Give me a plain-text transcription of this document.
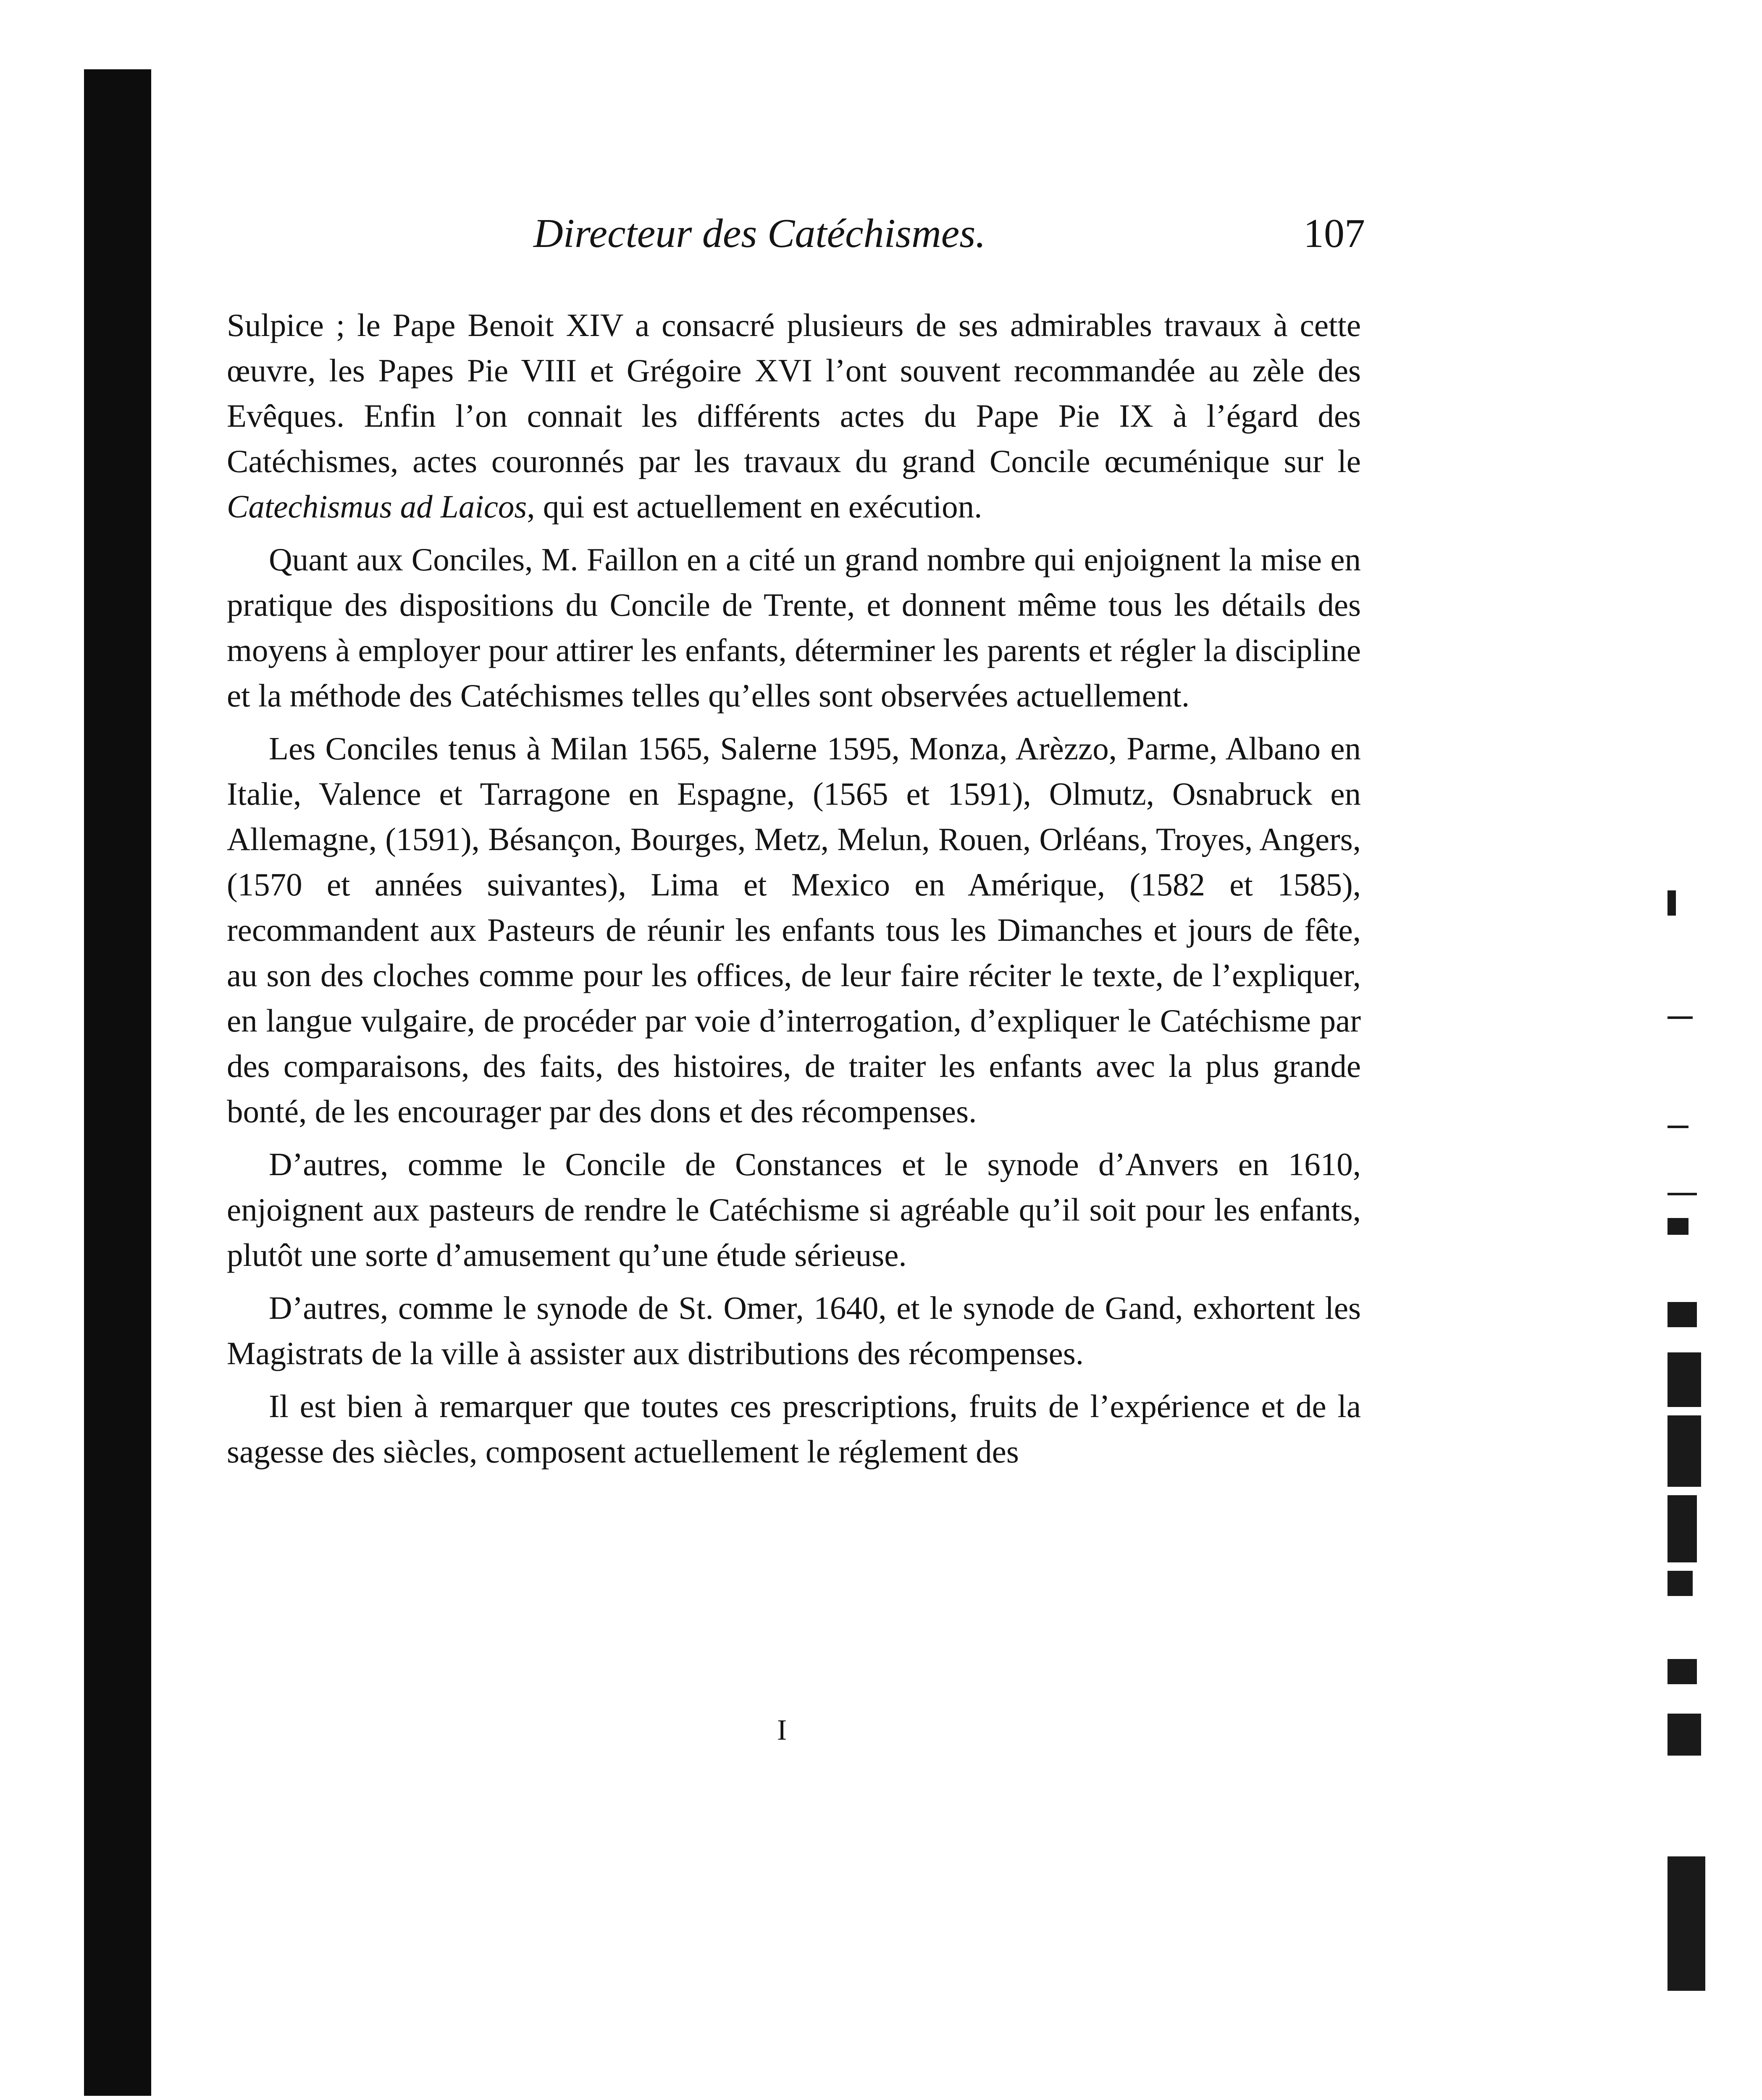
Directeur des Catéchismes.	107

Sulpice ; le Pape Benoit XIV a consacré plusieurs de ses admirables travaux à cette œuvre, les Papes Pie VIII et Grégoire XVI l’ont souvent recommandée au zèle des Evêques. Enfin l’on connait les différents actes du Pape Pie IX à l’égard des Catéchismes, actes couronnés par les travaux du grand Concile œcuménique sur le Catechismus ad Laicos, qui est actuellement en exécution.

Quant aux Conciles, M. Faillon en a cité un grand nombre qui enjoignent la mise en pratique des dispositions du Concile de Trente, et donnent même tous les détails des moyens à employer pour attirer les enfants, déterminer les parents et régler la discipline et la méthode des Catéchismes telles qu’elles sont observées actuellement.

Les Conciles tenus à Milan 1565, Salerne 1595, Monza, Arèzzo, Parme, Albano en Italie, Valence et Tarragone en Espagne, (1565 et 1591), Olmutz, Osnabruck en Allemagne, (1591), Bésançon, Bourges, Metz, Melun, Rouen, Orléans, Troyes, Angers, (1570 et années suivantes), Lima et Mexico en Amérique, (1582 et 1585), recommandent aux Pasteurs de réunir les enfants tous les Dimanches et jours de fête, au son des cloches comme pour les offices, de leur faire réciter le texte, de l’expliquer, en langue vulgaire, de procéder par voie d’interrogation, d’expliquer le Catéchisme par des comparaisons, des faits, des histoires, de traiter les enfants avec la plus grande bonté, de les encourager par des dons et des récompenses.

D’autres, comme le Concile de Constances et le synode d’Anvers en 1610, enjoignent aux pasteurs de rendre le Catéchisme si agréable qu’il soit pour les enfants, plutôt une sorte d’amusement qu’une étude sérieuse.

D’autres, comme le synode de St. Omer, 1640, et le synode de Gand, exhortent les Magistrats de la ville à assister aux distributions des récompenses.

Il est bien à remarquer que toutes ces prescriptions, fruits de l’expérience et de la sagesse des siècles, composent actuellement le réglement des

I
